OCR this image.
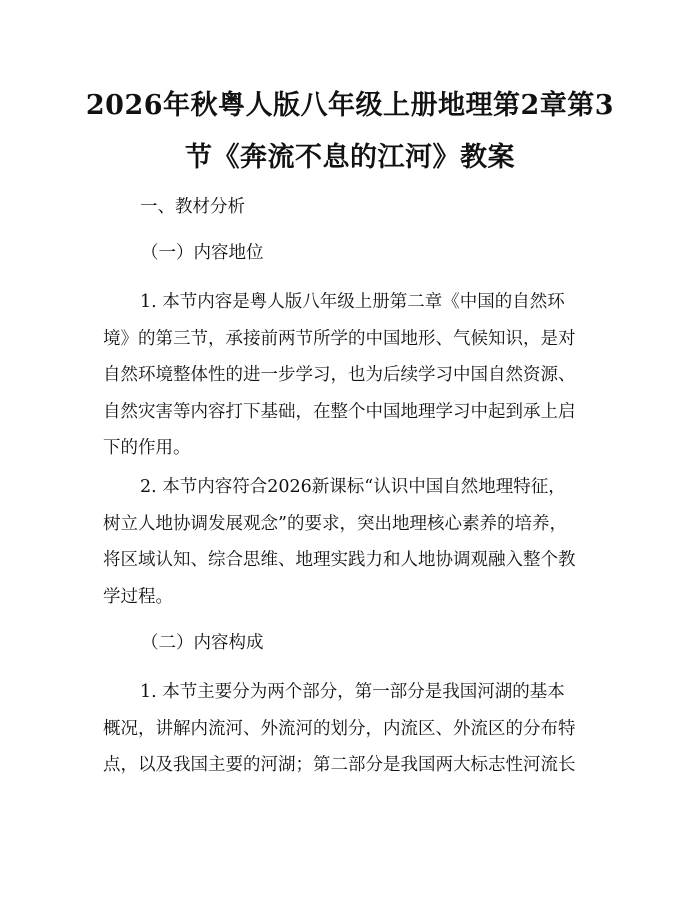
2026年秋粤人版八年级上册地理第2章第3
节《奔流不息的江河》教案
一、教材分析
（一）内容地位
1. 本节内容是粤人版八年级上册第二章《中国的自然环
境》的第三节，承接前两节所学的中国地形、气候知识，是对
自然环境整体性的进一步学习，也为后续学习中国自然资源、
自然灾害等内容打下基础，在整个中国地理学习中起到承上启
下的作用。
2. 本节内容符合2026新课标“认识中国自然地理特征，
树立人地协调发展观念”的要求，突出地理核心素养的培养，
将区域认知、综合思维、地理实践力和人地协调观融入整个教
学过程。
（二）内容构成
1. 本节主要分为两个部分，第一部分是我国河湖的基本
概况，讲解内流河、外流河的划分，内流区、外流区的分布特
点，以及我国主要的河湖；第二部分是我国两大标志性河流长
